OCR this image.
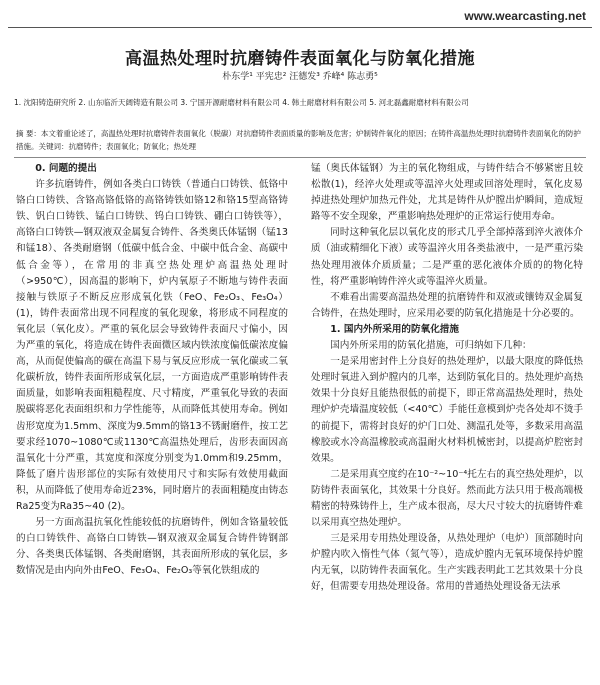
www.wearcasting.net
高温热处理时抗磨铸件表面氧化与防氧化措施
朴东学¹ 平宪忠² 汪德发³ 乔峰⁴ 陈志勇⁵
1. 沈阳铸造研究所 2. 山东临沂天阔铸造有限公司 3. 宁国开源耐磨材料有限公司 4. 韩土耐磨材料有限公司 5. 河北磊鑫耐磨材料有限公司
摘 要：本文着重论述了，高温热处理时抗磨铸件表面氧化（脱碳）对抗磨铸件表面质量的影响及危害；炉制铸件氧化的原因；在铸件高温热处理时抗磨铸件表面氧化的防护措施。关键词：抗磨铸件；表面氧化；防氧化；热处理

0. 问题的提出

许多抗磨铸件，例如各类白口铸铁（普通白口铸铁、低铬中铬白口铸铁、含铬高铬低铬的高铬铸铁如铬12和铬15型高铬铸铁、钒白口铸铁、锰白口铸铁、钨白口铸铁、硼白口铸铁等），高铬白口铸铁—钢双液双金属复合铸件、各类奥氏体锰钢（锰13和锰18）、各类耐磨钢（低碳中低合金、中碳中低合金、高碳中低合金等），在常用的非真空热处理炉高温热处理时（>950℃），因高温的影响下，炉内氧原子不断地与铸件表面接触与铁原子不断反应形成氧化铁（FeO、Fe₂O₃、Fe₃O₄）(1)，铸件表面常出现不同程度的氧化现象，将形成不同程度的氧化层（氧化皮）。严重的氧化层会导致铸件表面尺寸偏小，因为严重的氧化，将造成在铸件表面微区域内铁浓度偏低碳浓度偏高，从而促使偏高的碳在高温下易与氧反应形成一氧化碳或二氧化碳析放，铸件表面所形成氧化层，一方面造成严重影响铸件表面质量，如影响表面粗糙程度、尺寸精度，严重氧化导致的表面脱碳将恶化表面组织和力学性能等，从而降低其使用寿命。例如齿形宽度为1.5mm、深度为9.5mm的铬13不锈耐磨件，按工艺要求经1070~1080℃或1130℃高温热处理后，齿形表面因高温氧化十分严重，其宽度和深度分别变为1.0mm和9.25mm，降低了磨片齿形部位的实际有效使用尺寸和实际有效使用截面积，从而降低了使用寿命近23%，同时磨片的表面粗糙度由铸态Ra25变为Ra35~40 (2)。

另一方面高温抗氧化性能较低的抗磨铸件，例如含铬量较低的白口铸铁件、高铬白口铸铁—钢双液双金属复合铸件铸钢部分、各类奥氏体锰钢、各类耐磨钢，其表面所形成的氧化层，多数情况是由内向外由FeO、Fe₃O₄、Fe₂O₃等氧化铁组成的

锰（奥氏体锰钢）为主的氧化物组成，与铸件结合不够紧密且较松散(1)，经淬火处理或等温淬火处理或回溶处理时，氧化皮易掉进热处理炉加热元件处，尤其是铸件从炉膛出炉瞬间，造成短路等不安全现象，严重影响热处理炉的正常运行使用寿命。

同时这种氧化层以氧化皮的形式几乎全部掉落到淬火液体介质（油或精细化下液）或等温淬火用各类盐液中，一是严重污染热处理用液体介质质量；二是严重的恶化液体介质的的物化特性，将严重影响铸件淬火或等温淬火质量。

不难看出需要高温热处理的抗磨铸件和双液或镶铸双金属复合铸件，在热处理时，应采用必要的防氧化措施是十分必要的。

1. 国内外所采用的防氧化措施

国内外所采用的防氧化措施，可归纳如下几种：

一是采用密封件上分良好的热处理炉，以最大限度的降低热处理时氧进入到炉膛内的几率，达到防氧化目的。热处理炉高热效果十分良好且能热很低的前提下，即正常高温热处理时，热处理炉炉壳墙温度较低（<40℃）手能任意模到炉壳各处却不烫手的前提下，需将封良好的炉门口处、测温孔处等，多数采用高温橡胶或水冷高温橡胶或高温耐火材料机械密封，以提高炉腔密封效果。

二是采用真空度约在10⁻²~10⁻⁴托左右的真空热处理炉，以防铸件表面氧化，其效果十分良好。然而此方法只用于极高端极精密的特殊铸件上，生产成本很高，尽大尺寸较大的抗磨铸件难以采用真空热处理炉。

三是采用专用热处理设备，从热处理炉（电炉）顶部随时向炉膛内吹入惰性气体（氮气等），造成炉膛内无氧环境保持炉膛内无氧，以防铸件表面氧化。生产实践表明此工艺其效果十分良好，但需要专用热处理设备。常用的普通热处理设备无法承
